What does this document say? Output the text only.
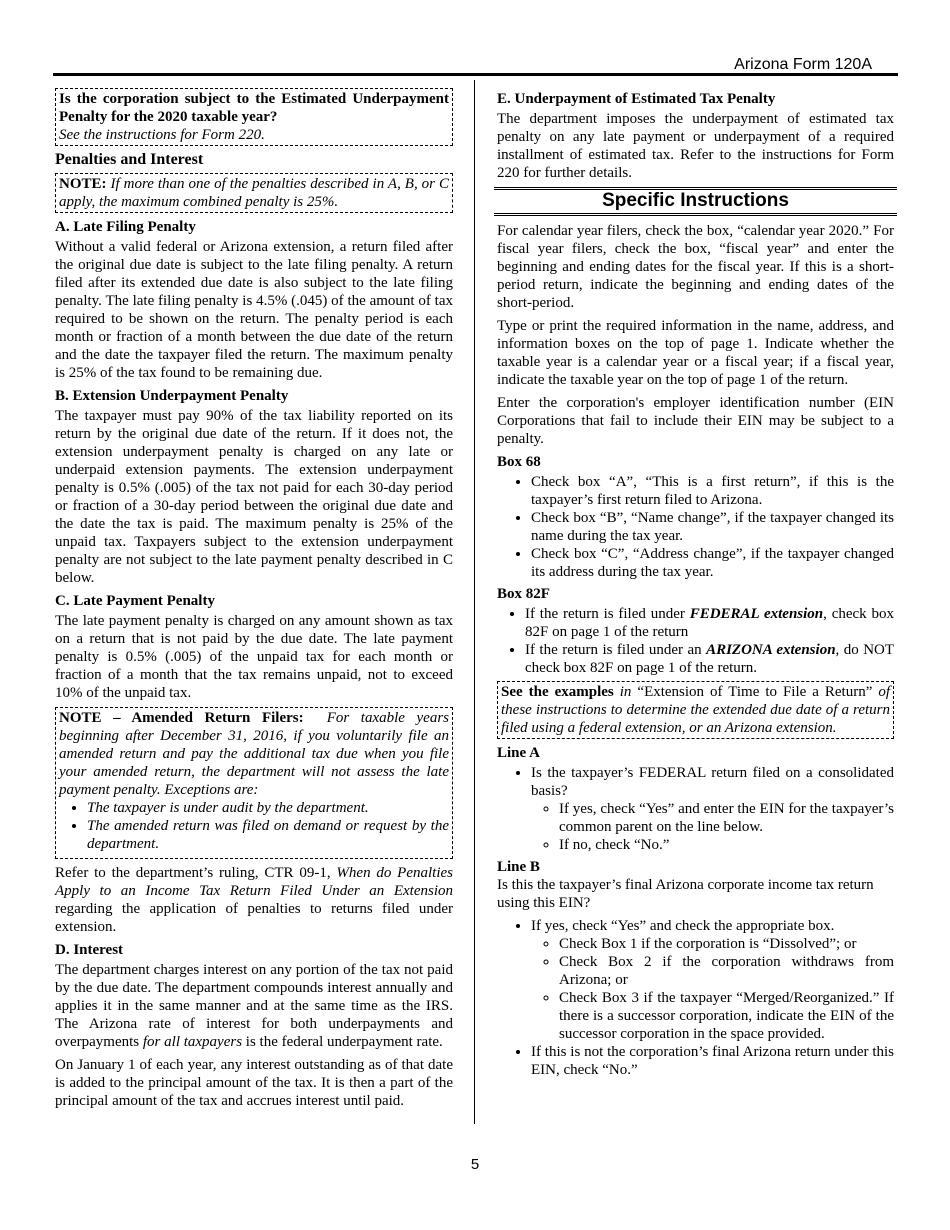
Arizona Form 120A

Is the corporation subject to the Estimated Underpayment Penalty for the 2020 taxable year?

See the instructions for Form 220.

Penalties and Interest

NOTE: If more than one of the penalties described in A, B, or C apply, the maximum combined penalty is 25%.

A. Late Filing Penalty

Without a valid federal or Arizona extension, a return filed after the original due date is subject to the late filing penalty. A return filed after its extended due date is also subject to the late filing penalty. The late filing penalty is 4.5% (.045) of the amount of tax required to be shown on the return. The penalty period is each month or fraction of a month between the due date of the return and the date the taxpayer filed the return. The maximum penalty is 25% of the tax found to be remaining due.

B. Extension Underpayment Penalty

The taxpayer must pay 90% of the tax liability reported on its return by the original due date of the return. If it does not, the extension underpayment penalty is charged on any late or underpaid extension payments. The extension underpayment penalty is 0.5% (.005) of the tax not paid for each 30-day period or fraction of a 30-day period between the original due date and the date the tax is paid. The maximum penalty is 25% of the unpaid tax. Taxpayers subject to the extension underpayment penalty are not subject to the late payment penalty described in C below.

C. Late Payment Penalty

The late payment penalty is charged on any amount shown as tax on a return that is not paid by the due date. The late payment penalty is 0.5% (.005) of the unpaid tax for each month or fraction of a month that the tax remains unpaid, not to exceed 10% of the unpaid tax.

NOTE – Amended Return Filers: For taxable years beginning after December 31, 2016, if you voluntarily file an amended return and pay the additional tax due when you file your amended return, the department will not assess the late payment penalty. Exceptions are:

• The taxpayer is under audit by the department.
• The amended return was filed on demand or request by the department.

Refer to the department’s ruling, CTR 09-1, When do Penalties Apply to an Income Tax Return Filed Under an Extension regarding the application of penalties to returns filed under extension.

D. Interest

The department charges interest on any portion of the tax not paid by the due date. The department compounds interest annually and applies it in the same manner and at the same time as the IRS. The Arizona rate of interest for both underpayments and overpayments for all taxpayers is the federal underpayment rate.

On January 1 of each year, any interest outstanding as of that date is added to the principal amount of the tax. It is then a part of the principal amount of the tax and accrues interest until paid.

E. Underpayment of Estimated Tax Penalty

The department imposes the underpayment of estimated tax penalty on any late payment or underpayment of a required installment of estimated tax. Refer to the instructions for Form 220 for further details.

Specific Instructions

For calendar year filers, check the box, “calendar year 2020.” For fiscal year filers, check the box, “fiscal year” and enter the beginning and ending dates for the fiscal year. If this is a short-period return, indicate the beginning and ending dates of the short-period.

Type or print the required information in the name, address, and information boxes on the top of page 1. Indicate whether the taxable year is a calendar year or a fiscal year; if a fiscal year, indicate the taxable year on the top of page 1 of the return.

Enter the corporation's employer identification number (EIN Corporations that fail to include their EIN may be subject to a penalty.

Box 68
• Check box “A”, “This is a first return”, if this is the taxpayer’s first return filed to Arizona.
• Check box “B”, “Name change”, if the taxpayer changed its name during the tax year.
• Check box “C”, “Address change”, if the taxpayer changed its address during the tax year.
Box 82F
• If the return is filed under FEDERAL extension, check box 82F on page 1 of the return
• If the return is filed under an ARIZONA extension, do NOT check box 82F on page 1 of the return.

See the examples in “Extension of Time to File a Return” of these instructions to determine the extended due date of a return filed using a federal extension, or an Arizona extension.

Line A
• Is the taxpayer’s FEDERAL return filed on a consolidated basis?
◦ If yes, check “Yes” and enter the EIN for the taxpayer’s common parent on the line below.
◦ If no, check “No.”
Line B

Is this the taxpayer’s final Arizona corporate income tax return using this EIN?

• If yes, check “Yes” and check the appropriate box.
◦ Check Box 1 if the corporation is “Dissolved”; or
◦ Check Box 2 if the corporation withdraws from Arizona; or
◦ Check Box 3 if the taxpayer “Merged/Reorganized.” If there is a successor corporation, indicate the EIN of the successor corporation in the space provided.
• If this is not the corporation’s final Arizona return under this EIN, check “No.”
5
